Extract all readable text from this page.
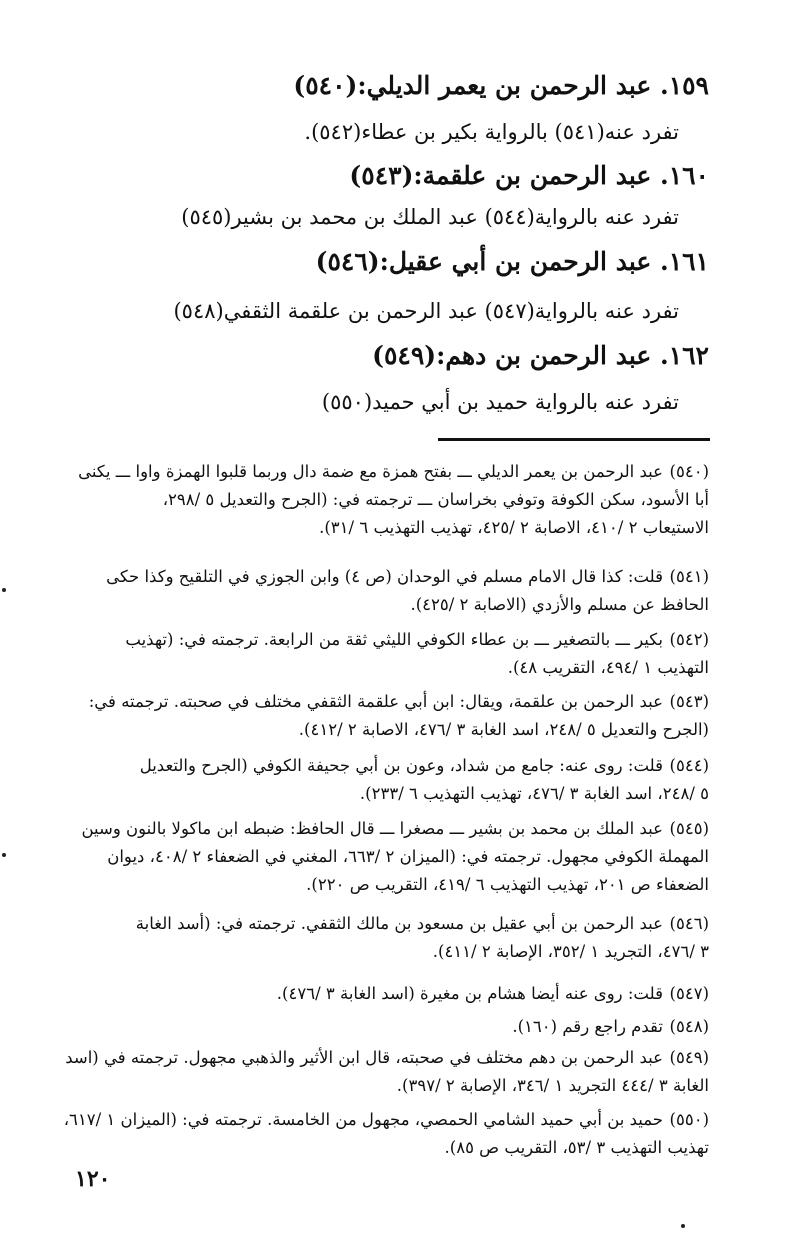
١٥٩. عبد الرحمن بن يعمر الديلي:(٥٤٠)
تفرد عنه(٥٤١) بالرواية بكير بن عطاء(٥٤٢).
١٦٠. عبد الرحمن بن علقمة:(٥٤٣)
تفرد عنه بالرواية(٥٤٤) عبد الملك بن محمد بن بشير(٥٤٥)
١٦١. عبد الرحمن بن أبي عقيل:(٥٤٦)
تفرد عنه بالرواية(٥٤٧) عبد الرحمن بن علقمة الثقفي(٥٤٨)
١٦٢. عبد الرحمن بن دهم:(٥٤٩)
تفرد عنه بالرواية حميد بن أبي حميد(٥٥٠)
(٥٤٠)عبد الرحمن بن يعمر الديلي ـــ بفتح همزة مع ضمة دال وربما قلبوا الهمزة واوا ـــ يكنى
أبا الأسود، سكن الكوفة وتوفي بخراسان ـــ ترجمته في: (الجرح والتعديل ٥ /٢٩٨،
الاستيعاب ٢ /٤١٠، الاصابة ٢ /٤٢٥، تهذيب التهذيب ٦ /٣١).
(٥٤١)قلت: كذا قال الامام مسلم في الوحدان (ص ٤) وابن الجوزي في التلقيح وكذا حكى
الحافظ عن مسلم والأزدي (الاصابة ٢ /٤٢٥).
(٥٤٢)بكير ـــ بالتصغير ـــ بن عطاء الكوفي الليثي ثقة من الرابعة. ترجمته في: (تهذيب
التهذيب ١ /٤٩٤، التقريب ٤٨).
(٥٤٣)عبد الرحمن بن علقمة، ويقال: ابن أبي علقمة الثقفي مختلف في صحبته. ترجمته في:
(الجرح والتعديل ٥ /٢٤٨، اسد الغابة ٣ /٤٧٦، الاصابة ٢ /٤١٢).
(٥٤٤)قلت: روى عنه: جامع من شداد، وعون بن أبي جحيفة الكوفي (الجرح والتعديل
٥ /٢٤٨، اسد الغابة ٣ /٤٧٦، تهذيب التهذيب ٦ /٢٣٣).
(٥٤٥)عبد الملك بن محمد بن بشير ـــ مصغرا ـــ قال الحافظ: ضبطه ابن ماكولا بالنون وسين
المهملة الكوفي مجهول. ترجمته في: (الميزان ٢ /٦٦٣، المغني في الضعفاء ٢ /٤٠٨، ديوان
الضعفاء ص ٢٠١، تهذيب التهذيب ٦ /٤١٩، التقريب ص ٢٢٠).
(٥٤٦)عبد الرحمن بن أبي عقيل بن مسعود بن مالك الثقفي. ترجمته في: (أسد الغابة
٣ /٤٧٦، التجريد ١ /٣٥٢، الإصابة ٢ /٤١١).
(٥٤٧)قلت: روى عنه أيضا هشام بن مغيرة (اسد الغابة ٣ /٤٧٦).
(٥٤٨)تقدم راجع رقم (١٦٠).
(٥٤٩)عبد الرحمن بن دهم مختلف في صحبته، قال ابن الأثير والذهبي مجهول. ترجمته في (اسد
الغابة ٣ /٤٤٤ التجريد ١ /٣٤٦، الإصابة ٢ /٣٩٧).
(٥٥٠)حميد بن أبي حميد الشامي الحمصي، مجهول من الخامسة. ترجمته في: (الميزان ١ /٦١٧،
تهذيب التهذيب ٣ /٥٣، التقريب ص ٨٥).
١٢٠
